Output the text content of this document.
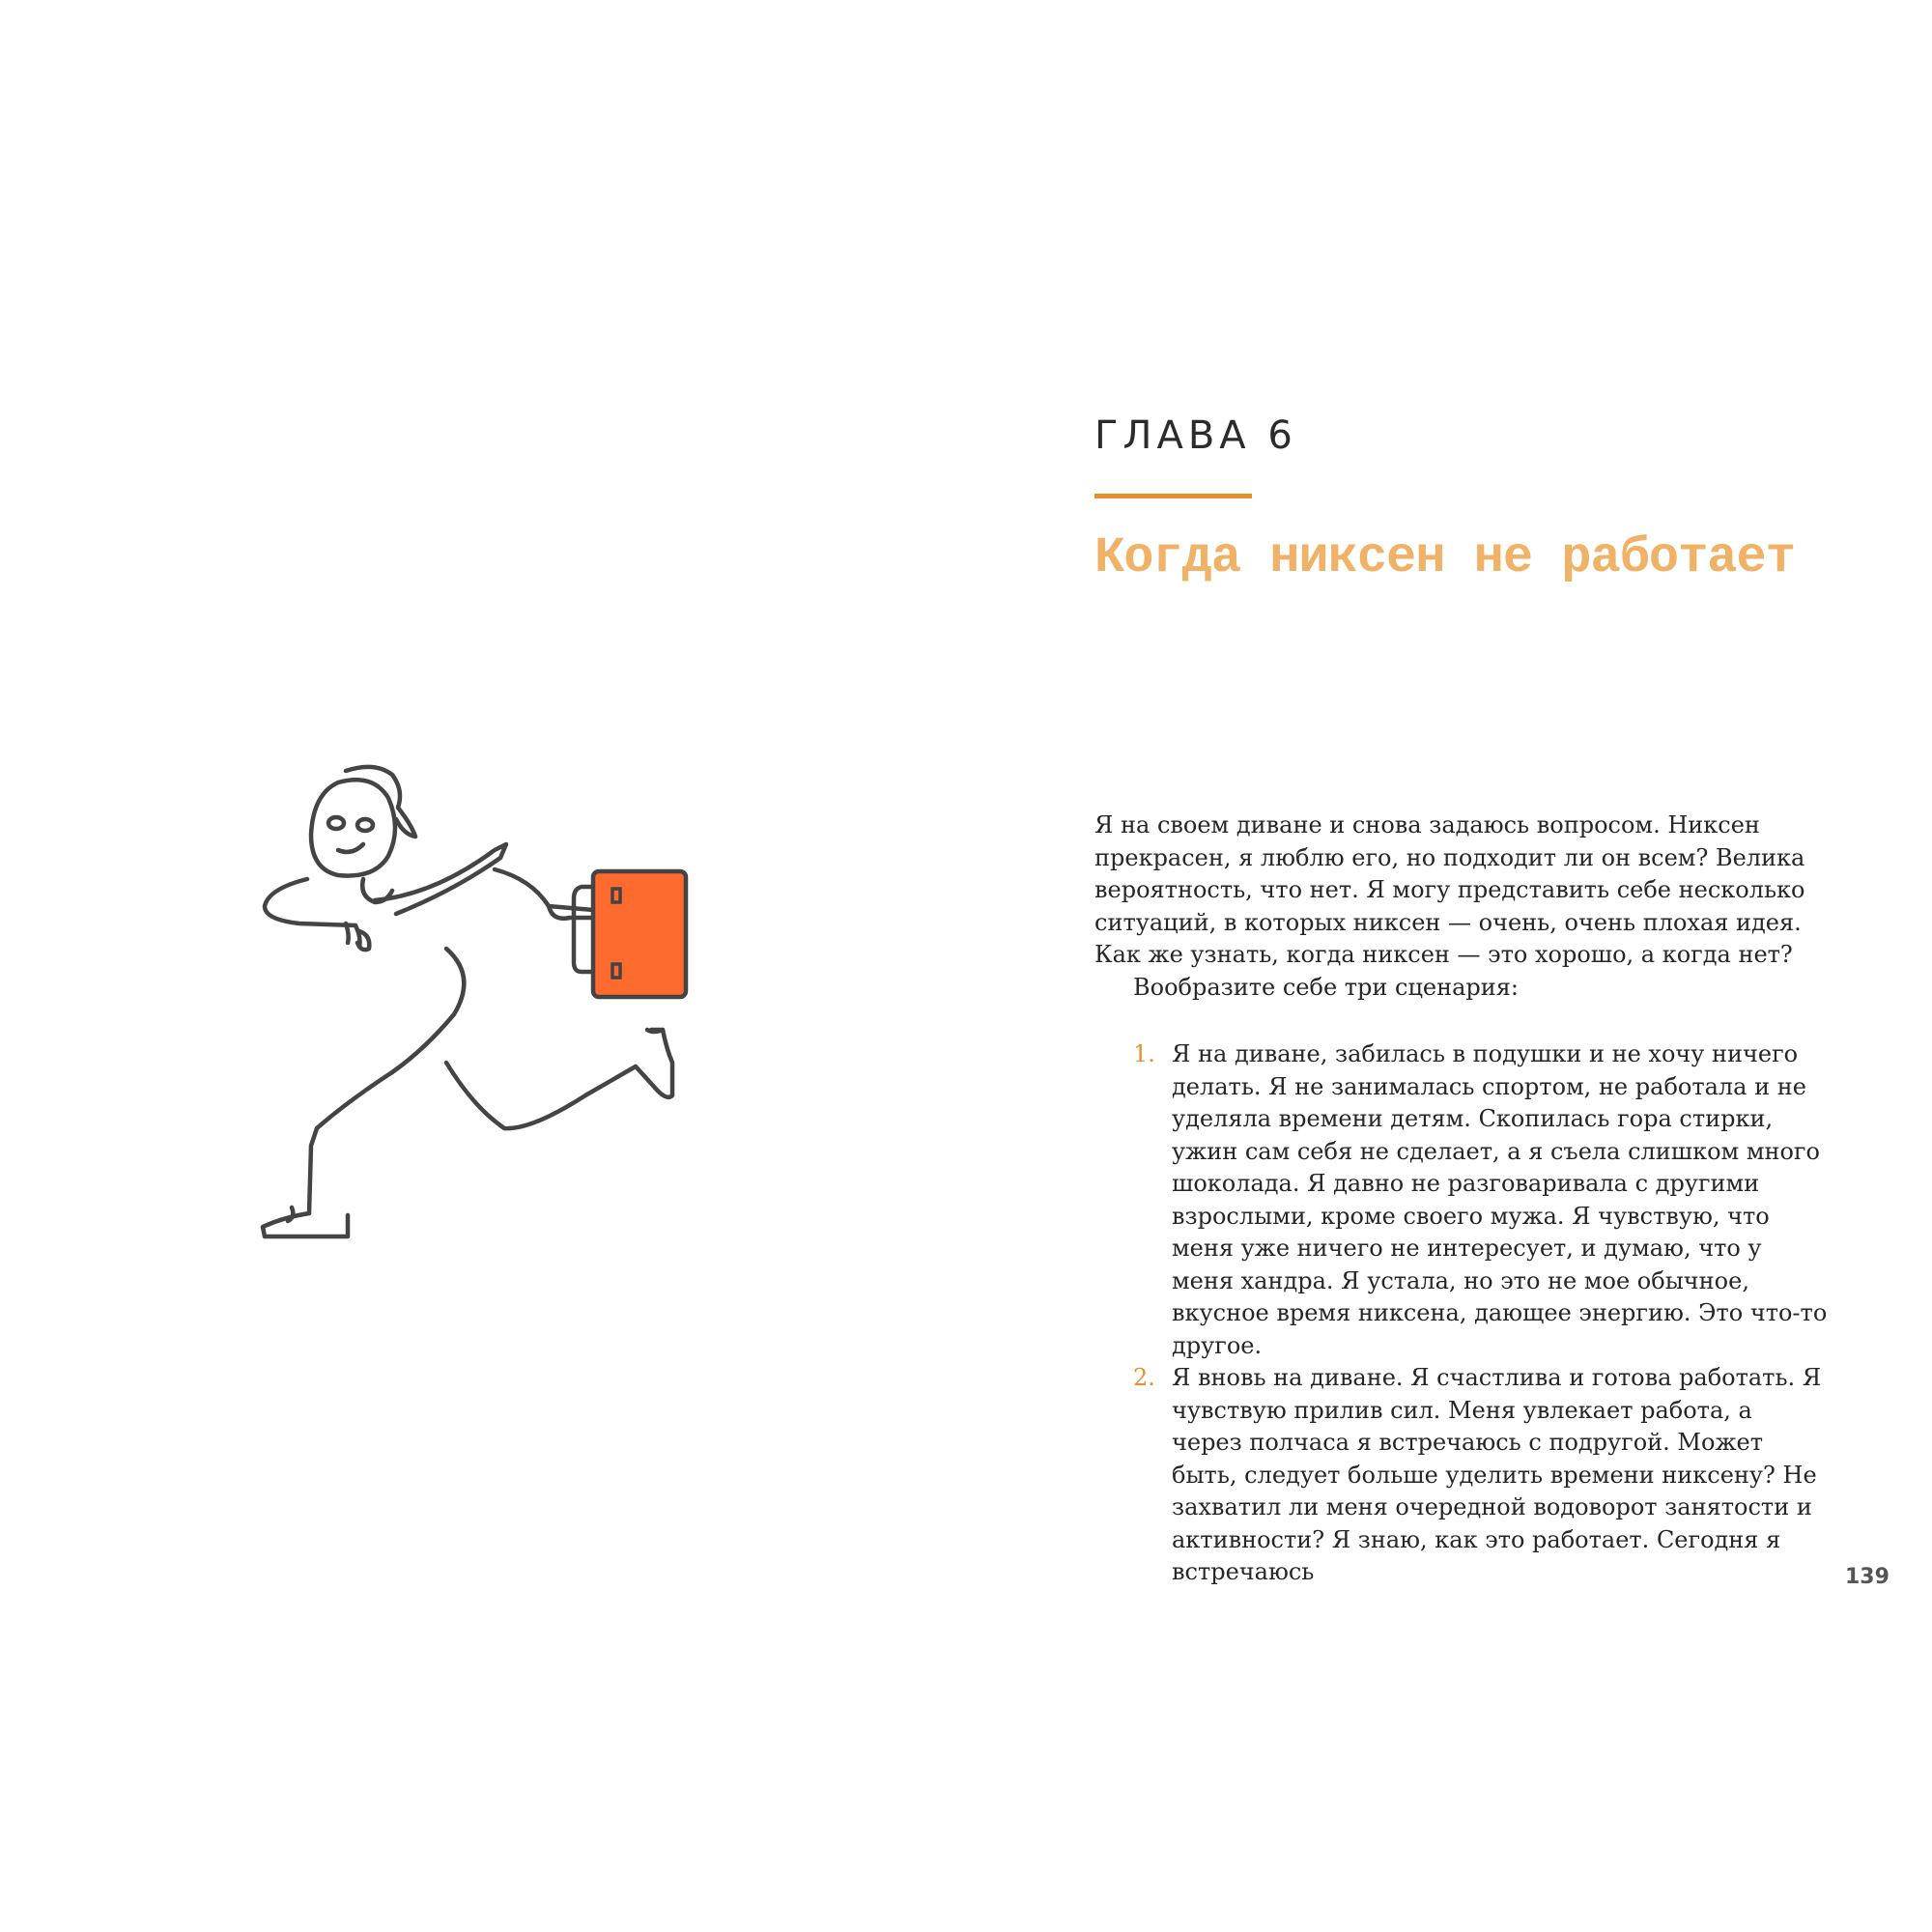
ГЛАВА 6
Когда никсен не работает

Я на своем диване и снова задаюсь вопросом. Никсен прекрасен, я люблю его, но подходит ли он всем? Велика вероятность, что нет. Я могу представить себе несколько ситуаций, в которых никсен — очень, очень плохая идея. Как же узнать, когда никсен — это хорошо, а когда нет?

Вообразите себе три сценария:

1. Я на диване, забилась в подушки и не хочу ничего делать. Я не занималась спортом, не работала и не уделяла времени детям. Скопилась гора стирки, ужин сам себя не сделает, а я съела слишком много шоколада. Я давно не разговаривала с другими взрослыми, кроме своего мужа. Я чувствую, что меня уже ничего не интересует, и думаю, что у меня хандра. Я устала, но это не мое обычное, вкусное время никсена, дающее энергию. Это что-то другое.
2. Я вновь на диване. Я счастлива и готова работать. Я чувствую прилив сил. Меня увлекает работа, а через полчаса я встречаюсь с подругой. Может быть, следует больше уделить времени никсену? Не захватил ли меня очередной водоворот занятости и активности? Я знаю, как это работает. Сегодня я встречаюсь	139
